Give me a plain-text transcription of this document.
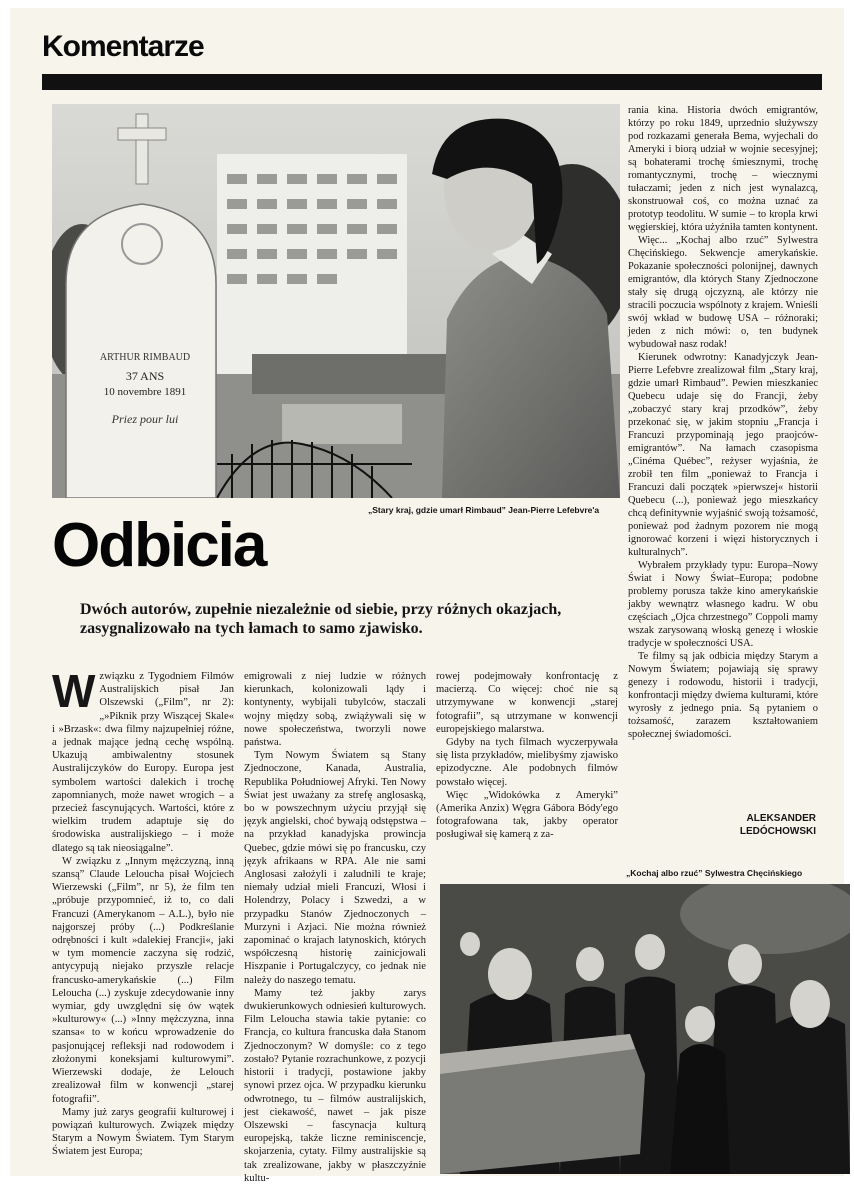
Komentarze
ARTHUR RIMBAUD
37 ANS
10 novembre 1891
Priez pour lui
„Stary kraj, gdzie umarł Rimbaud” Jean-Pierre Lefebvre'a
Odbicia

Dwóch autorów, zupełnie niezależnie od siebie, przy różnych okazjach, zasygnalizowało na tych łamach to samo zjawisko.

Wzwiązku z Tygodniem Filmów Australijskich pisał Jan Olszewski („Film”, nr 2): „»Piknik przy Wiszącej Skale« i »Brzask«: dwa filmy najzupełniej różne, a jednak mające jedną cechę wspólną. Ukazują ambiwalentny stosunek Australijczyków do Europy. Europa jest symbolem wartości dalekich i trochę zapomnianych, może nawet wrogich – a przecież fascynujących. Wartości, które z wielkim trudem adaptuje się do środowiska australijskiego – i może dlatego są tak nieosiągalne”.

W związku z „Innym mężczyzną, inną szansą” Claude Leloucha pisał Wojciech Wierzewski („Film”, nr 5), że film ten „próbuje przypomnieć, iż to, co dali Francuzi (Amerykanom – A.L.), było nie najgorszej próby (...) Podkreślanie odrębności i kult »dalekiej Francji«, jaki w tym momencie zaczyna się rodzić, antycypują niejako przyszłe relacje francusko-amerykańskie (...) Film Leloucha (...) zyskuje zdecydowanie inny wymiar, gdy uwzględni się ów wątek »kulturowy« (...) »Inny mężczyzna, inna szansa« to w końcu wprowadzenie do pasjonującej refleksji nad rodowodem i złożonymi koneksjami kulturowymi”. Wierzewski dodaje, że Lelouch zrealizował film w konwencji „starej fotografii”.

Mamy już zarys geografii kulturowej i powiązań kulturowych. Związek między Starym a Nowym Światem. Tym Starym Światem jest Europa;

emigrowali z niej ludzie w różnych kierunkach, kolonizowali lądy i kontynenty, wybijali tubylców, staczali wojny między sobą, zwiążywali się w nowe społeczeństwa, tworzyli nowe państwa.

Tym Nowym Światem są Stany Zjednoczone, Kanada, Australia, Republika Południowej Afryki. Ten Nowy Świat jest uważany za strefę anglosaską, bo w powszechnym użyciu przyjął się język angielski, choć bywają odstępstwa – na przykład kanadyjska prowincja Quebec, gdzie mówi się po francusku, czy język afrikaans w RPA. Ale nie sami Anglosasi założyli i zaludnili te kraje; niemały udział mieli Francuzi, Włosi i Holendrzy, Polacy i Szwedzi, a w przypadku Stanów Zjednoczonych – Murzyni i Azjaci. Nie można również zapominać o krajach latynoskich, których współczesną historię zainicjowali Hiszpanie i Portugalczycy, co jednak nie należy do naszego tematu.

Mamy też jakby zarys dwukierunkowych odniesień kulturowych. Film Leloucha stawia takie pytanie: co Francja, co kultura francuska dała Stanom Zjednoczonym? W domyśle: co z tego zostało? Pytanie rozrachunkowe, z pozycji historii i tradycji, postawione jakby synowi przez ojca. W przypadku kierunku odwrotnego, tu – filmów australijskich, jest ciekawość, nawet – jak pisze Olszewski – fascynacja kulturą europejską, także liczne reminiscencje, skojarzenia, cytaty. Filmy australijskie są tak zrealizowane, jakby w płaszczyźnie kultu-

rowej podejmowały konfrontację z macierzą. Co więcej: choć nie są utrzymywane w konwencji „starej fotografii”, są utrzymane w konwencji europejskiego malarstwa.

Gdyby na tych filmach wyczerpywała się lista przykładów, mielibyśmy zjawisko epizodyczne. Ale podobnych filmów powstało więcej.

Więc „Widokówka z Ameryki” (Amerika Anzix) Węgra Gábora Bódy'ego fotografowana tak, jakby operator posługiwał się kamerą z za-

rania kina. Historia dwóch emigrantów, którzy po roku 1849, uprzednio służywszy pod rozkazami generała Bema, wyjechali do Ameryki i biorą udział w wojnie secesyjnej; są bohaterami trochę śmiesznymi, trochę romantycznymi, trochę – wiecznymi tułaczami; jeden z nich jest wynalazcą, skonstruował coś, co można uznać za prototyp teodolitu. W sumie – to kropla krwi węgierskiej, która użyźniła tamten kontynent.

Więc... „Kochaj albo rzuć” Sylwestra Chęcińskiego. Sekwencje amerykańskie. Pokazanie społeczności polonijnej, dawnych emigrantów, dla których Stany Zjednoczone stały się drugą ojczyzną, ale którzy nie stracili poczucia wspólnoty z krajem. Wnieśli swój wkład w budowę USA – różnoraki; jeden z nich mówi: o, ten budynek wybudował nasz rodak!

Kierunek odwrotny: Kanadyjczyk Jean-Pierre Lefebvre zrealizował film „Stary kraj, gdzie umarł Rimbaud”. Pewien mieszkaniec Quebecu udaje się do Francji, żeby „zobaczyć stary kraj przodków”, żeby przekonać się, w jakim stopniu „Francja i Francuzi przypominają jego praojców-emigrantów”. Na łamach czasopisma „Cinéma Québec”, reżyser wyjaśnia, że zrobił ten film „ponieważ to Francja i Francuzi dali początek »pierwszej« historii Quebecu (...), ponieważ jego mieszkańcy chcą definitywnie wyjaśnić swoją tożsamość, ponieważ pod żadnym pozorem nie mogą ignorować korzeni i więzi historycznych i kulturalnych”.

Wybrałem przykłady typu: Europa–Nowy Świat i Nowy Świat–Europa; podobne problemy porusza także kino amerykańskie jakby wewnątrz własnego kadru. W obu częściach „Ojca chrzestnego” Coppoli mamy wszak zarysowaną włoską genezę i włoskie tradycje w społeczności USA.

Te filmy są jak odbicia między Starym a Nowym Światem; pojawiają się sprawy genezy i rodowodu, historii i tradycji, konfrontacji między dwiema kulturami, które wyrosły z jednego pnia. Są pytaniem o tożsamość, zarazem kształtowaniem społecznej świadomości.

ALEKSANDER
LEDÓCHOWSKI
„Kochaj albo rzuć” Sylwestra Chęcińskiego
